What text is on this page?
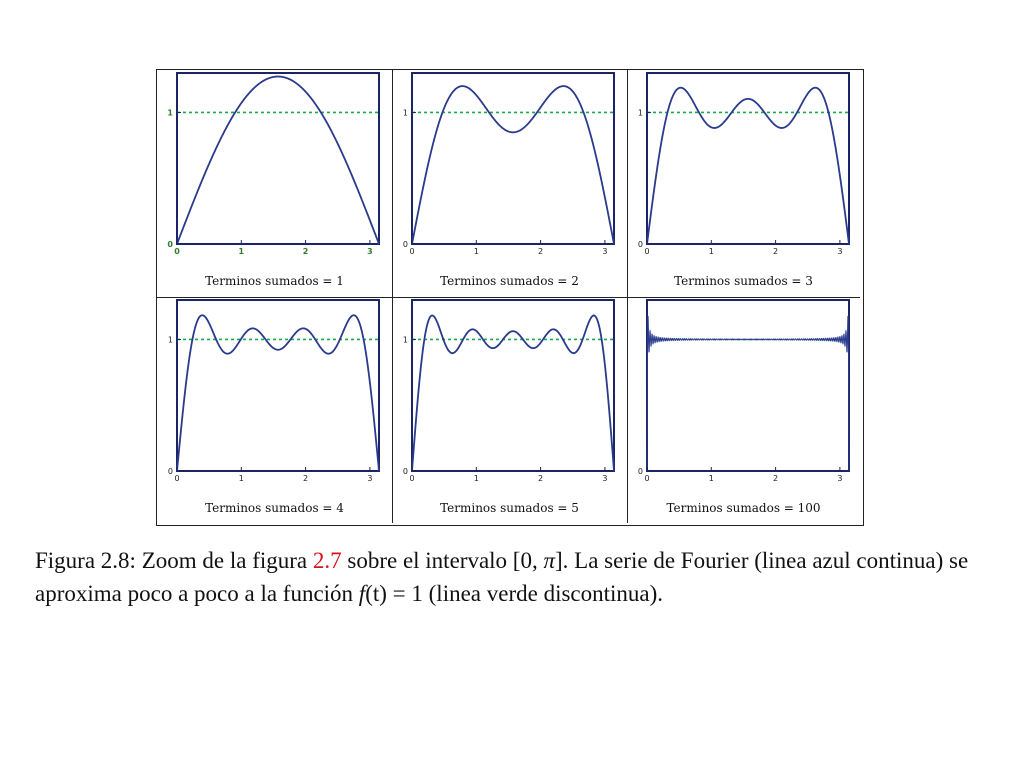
0	1	2	3
0
1
Terminos sumados = 1
0	1	2	3
0
1
Terminos sumados = 2
0	1	2	3
0
1
Terminos sumados = 3
0	1	2	3
0
1
Terminos sumados = 4
0	1	2	3
0
1
Terminos sumados = 5
0	1	2	3
0
Terminos sumados = 100
Figura 2.8: Zoom de la figura 2.7 sobre el intervalo [0, π]. La serie de Fourier (linea azul continua) se aproxima poco a poco a la función f(t) = 1 (linea verde discontinua).
